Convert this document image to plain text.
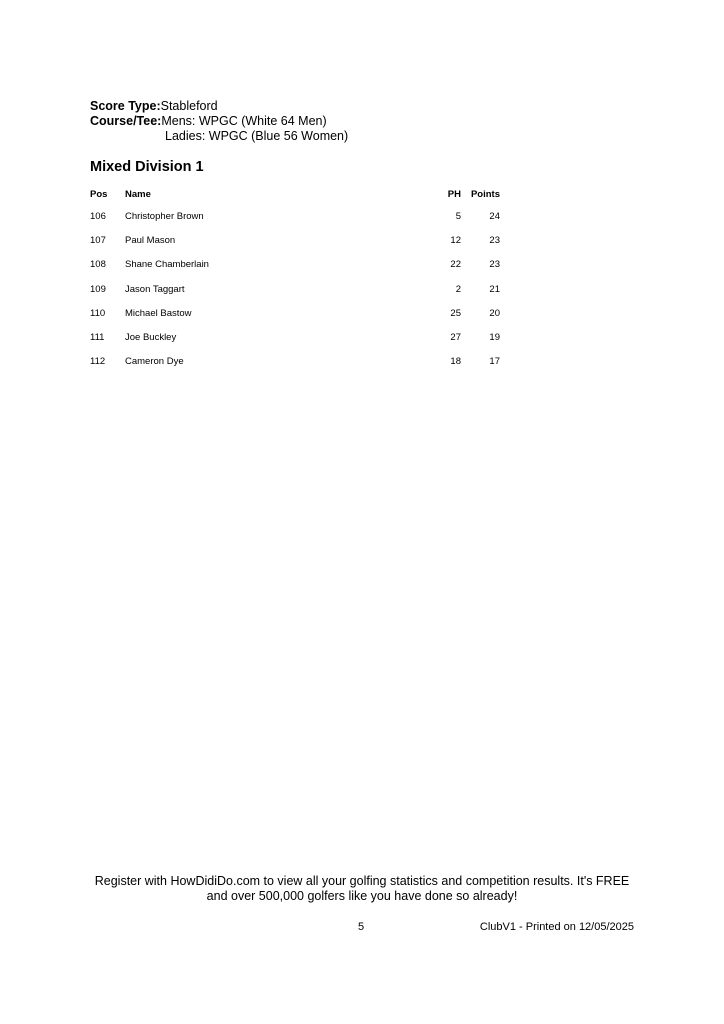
Score Type:Stableford
Course/Tee:Mens: WPGC (White 64 Men)
Ladies: WPGC (Blue 56 Women)
Mixed Division 1
Pos Name	PH Points
106 Christopher Brown	5	24
107 Paul Mason	12	23
108 Shane Chamberlain	22	23
109 Jason Taggart	2	21
110 Michael Bastow	25	20
111 Joe Buckley	27	19
112 Cameron Dye	18	17
Register with HowDidiDo.com to view all your golfing statistics and competition results. It's FREE
and over 500,000 golfers like you have done so already!
5	ClubV1 - Printed on 12/05/2025
